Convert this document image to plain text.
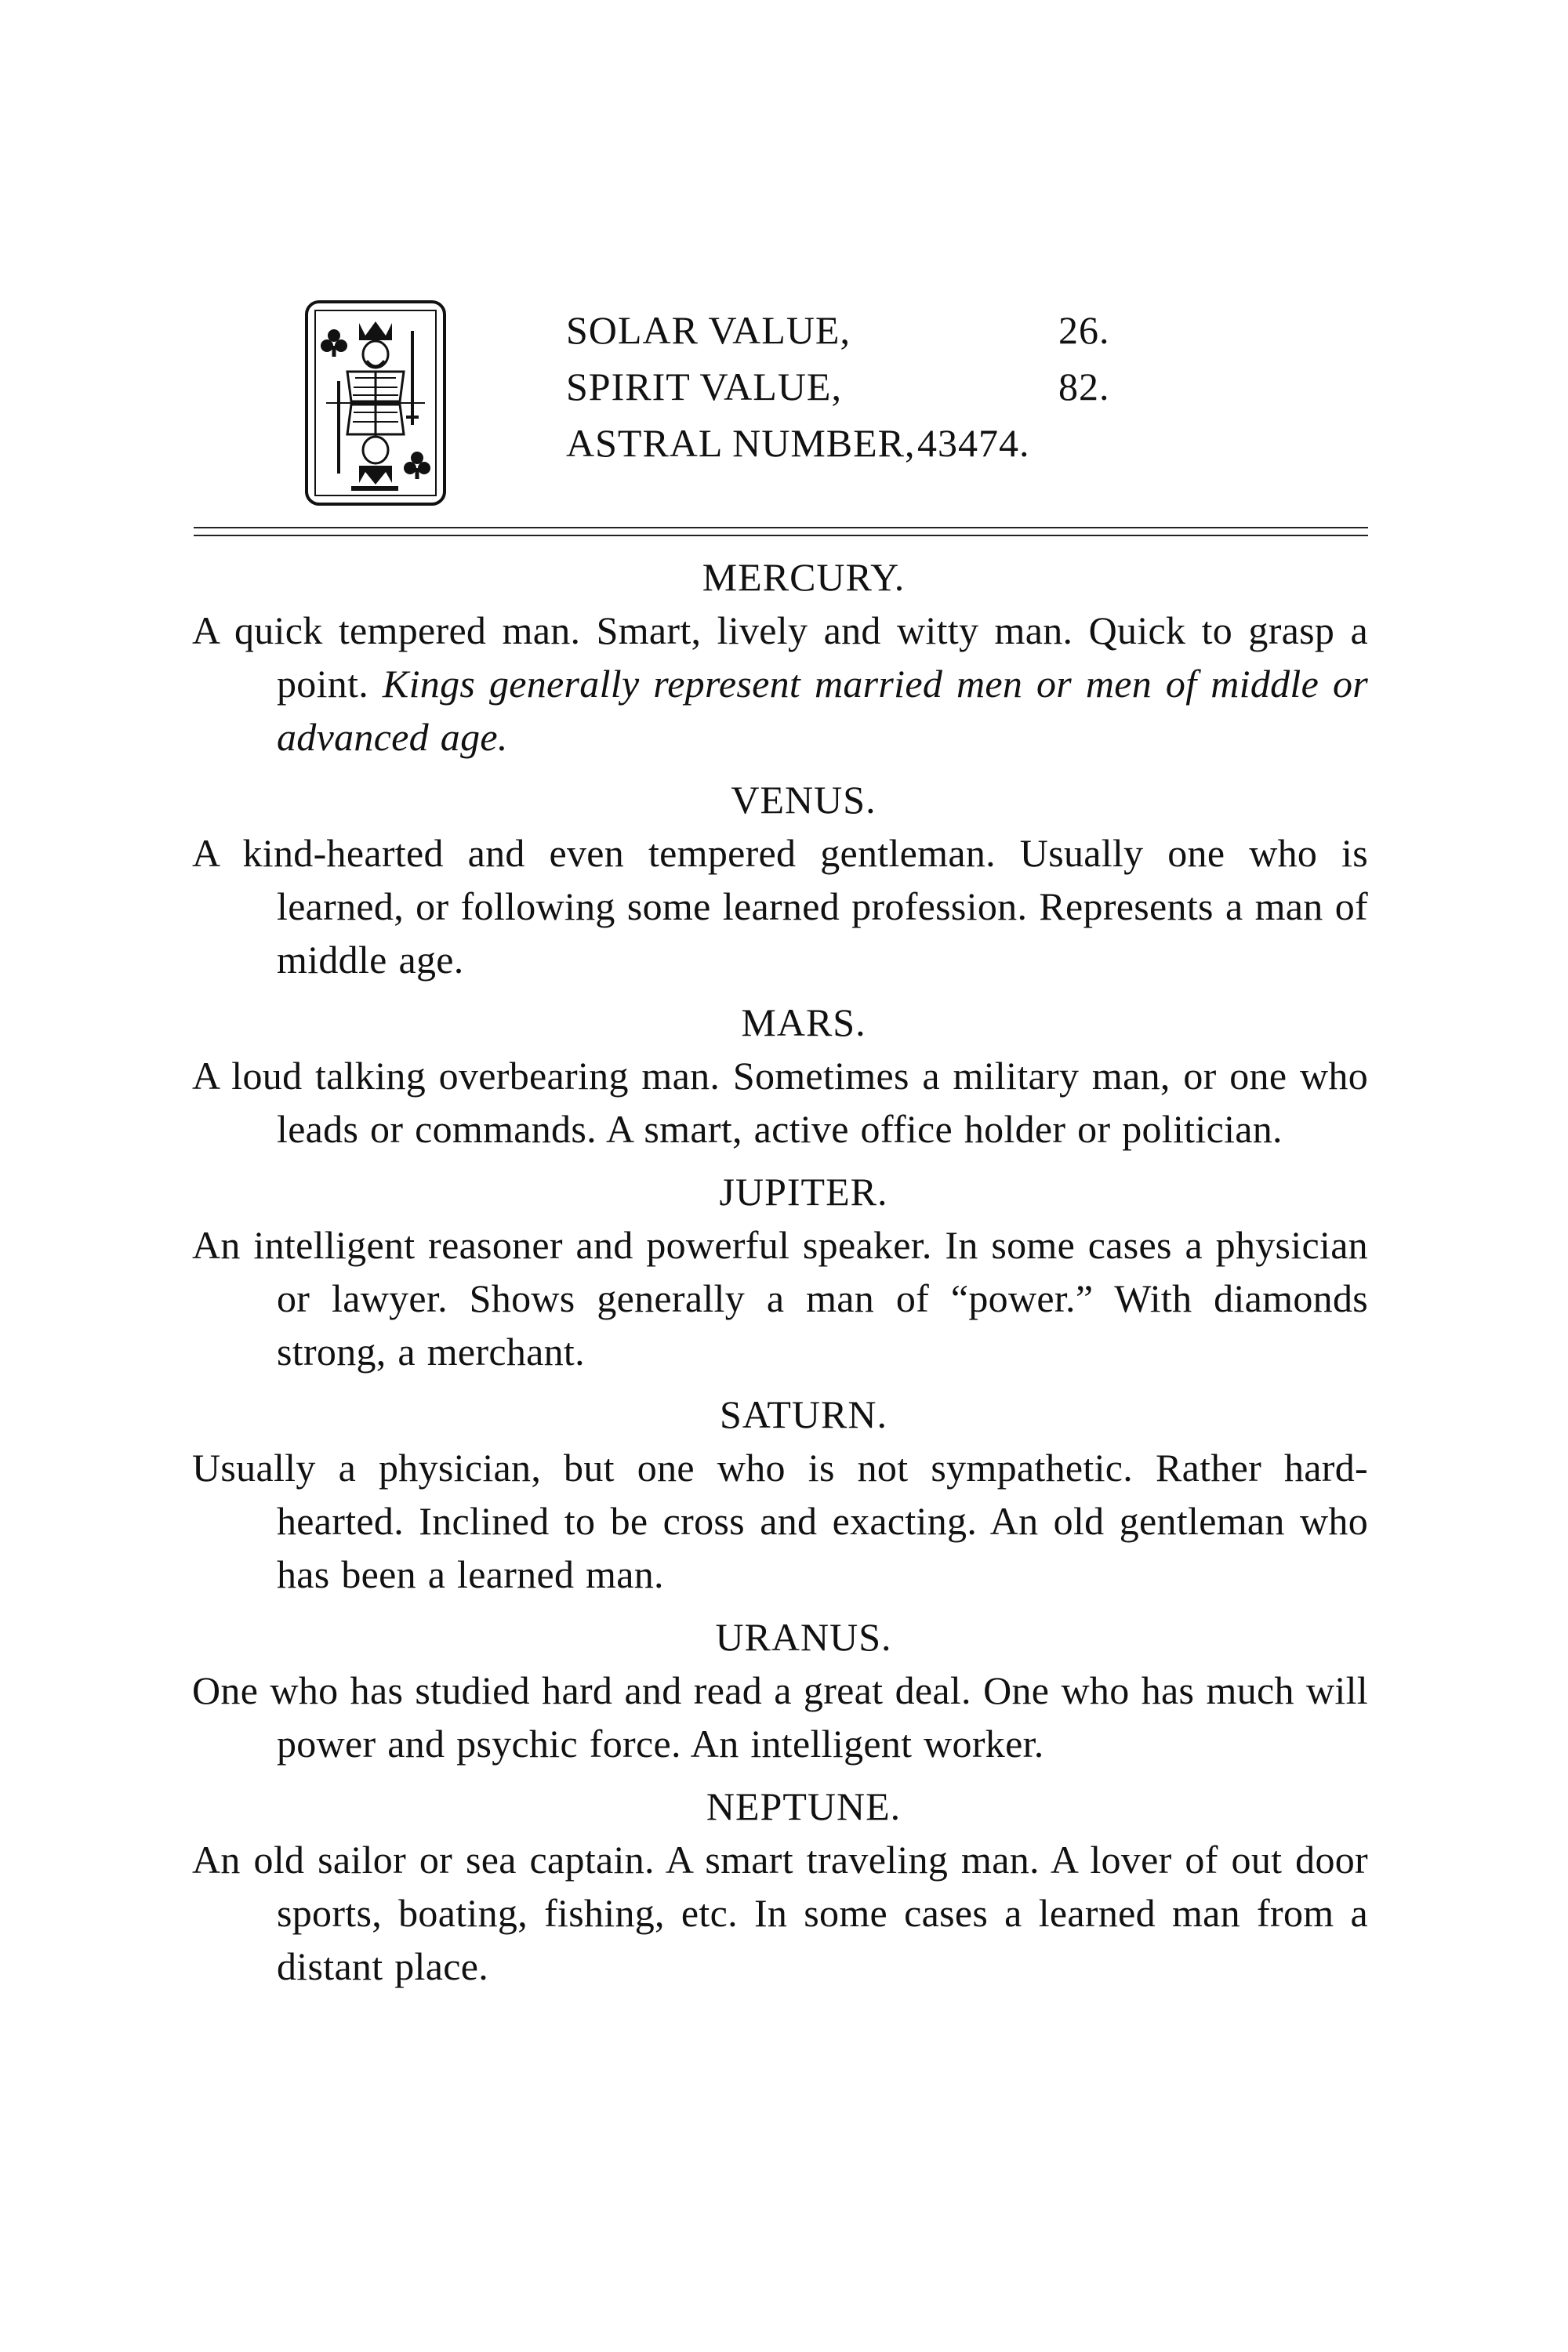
SOLAR VALUE,	26.
SPIRIT VALUE,	82.
ASTRAL NUMBER, 43474.
MERCURY.

A quick tempered man. Smart, lively and witty man. Quick to grasp a point. Kings generally represent married men or men of middle or advanced age.

VENUS.

A kind-hearted and even tempered gentleman. Usually one who is learned, or following some learned profession. Represents a man of middle age.

MARS.

A loud talking overbearing man. Sometimes a military man, or one who leads or commands. A smart, active office holder or politician.

JUPITER.

An intelligent reasoner and powerful speaker. In some cases a physician or lawyer. Shows generally a man of “power.” With diamonds strong, a merchant.

SATURN.

Usually a physician, but one who is not sympathetic. Rather hard-hearted. Inclined to be cross and exacting. An old gentleman who has been a learned man.

URANUS.

One who has studied hard and read a great deal. One who has much will power and psychic force. An intelligent worker.

NEPTUNE.

An old sailor or sea captain. A smart traveling man. A lover of out door sports, boating, fishing, etc. In some cases a learned man from a distant place.
